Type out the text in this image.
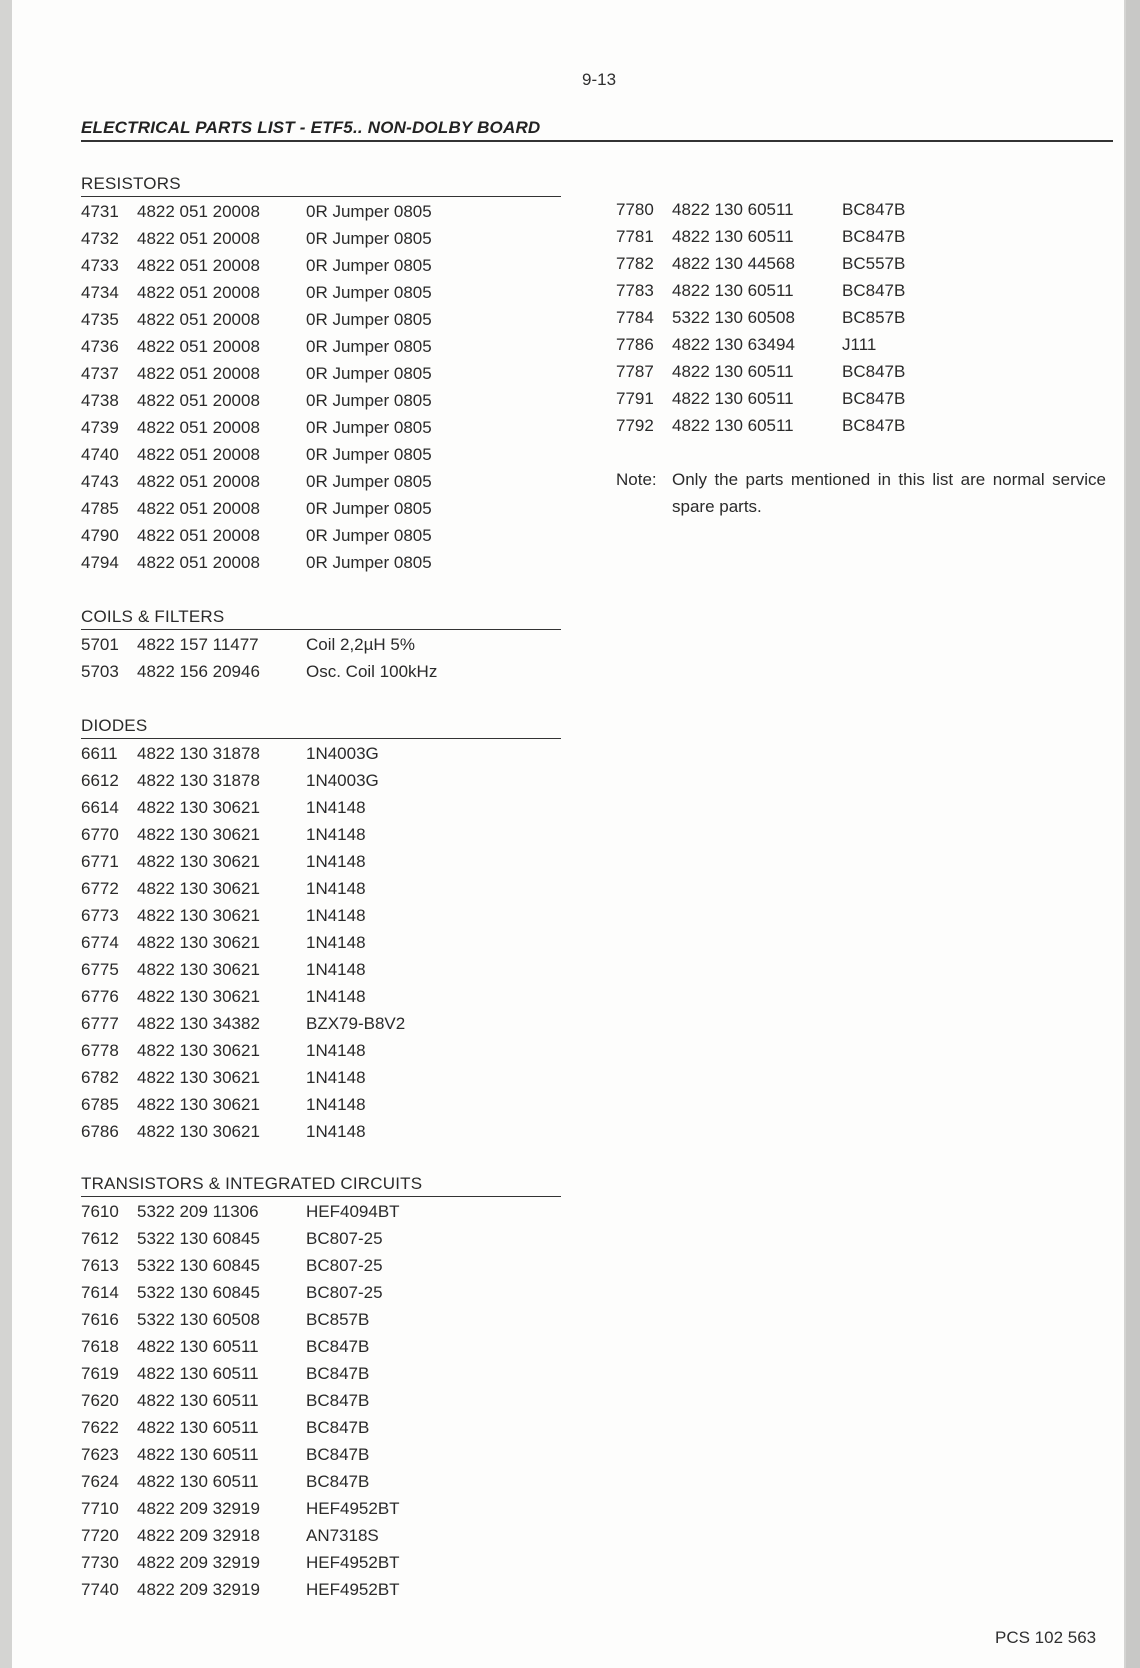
9-13
ELECTRICAL PARTS LIST - ETF5.. NON-DOLBY BOARD
RESISTORS
4731	4822 051 20008	0R Jumper 0805
4732	4822 051 20008	0R Jumper 0805
4733	4822 051 20008	0R Jumper 0805
4734	4822 051 20008	0R Jumper 0805
4735	4822 051 20008	0R Jumper 0805
4736	4822 051 20008	0R Jumper 0805
4737	4822 051 20008	0R Jumper 0805
4738	4822 051 20008	0R Jumper 0805
4739	4822 051 20008	0R Jumper 0805
4740	4822 051 20008	0R Jumper 0805
4743	4822 051 20008	0R Jumper 0805
4785	4822 051 20008	0R Jumper 0805
4790	4822 051 20008	0R Jumper 0805
4794	4822 051 20008	0R Jumper 0805
COILS & FILTERS
5701	4822 157 11477	Coil 2,2µH 5%
5703	4822 156 20946	Osc. Coil 100kHz
DIODES
6611	4822 130 31878	1N4003G
6612	4822 130 31878	1N4003G
6614	4822 130 30621	1N4148
6770	4822 130 30621	1N4148
6771	4822 130 30621	1N4148
6772	4822 130 30621	1N4148
6773	4822 130 30621	1N4148
6774	4822 130 30621	1N4148
6775	4822 130 30621	1N4148
6776	4822 130 30621	1N4148
6777	4822 130 34382	BZX79-B8V2
6778	4822 130 30621	1N4148
6782	4822 130 30621	1N4148
6785	4822 130 30621	1N4148
6786	4822 130 30621	1N4148
TRANSISTORS & INTEGRATED CIRCUITS
7610	5322 209 11306	HEF4094BT
7612	5322 130 60845	BC807-25
7613	5322 130 60845	BC807-25
7614	5322 130 60845	BC807-25
7616	5322 130 60508	BC857B
7618	4822 130 60511	BC847B
7619	4822 130 60511	BC847B
7620	4822 130 60511	BC847B
7622	4822 130 60511	BC847B
7623	4822 130 60511	BC847B
7624	4822 130 60511	BC847B
7710	4822 209 32919	HEF4952BT
7720	4822 209 32918	AN7318S
7730	4822 209 32919	HEF4952BT
7740	4822 209 32919	HEF4952BT
7780	4822 130 60511	BC847B
7781	4822 130 60511	BC847B
7782	4822 130 44568	BC557B
7783	4822 130 60511	BC847B
7784	5322 130 60508	BC857B
7786	4822 130 63494	J111
7787	4822 130 60511	BC847B
7791	4822 130 60511	BC847B
7792	4822 130 60511	BC847B
Note: Only the parts mentioned in this list are normal service spare parts.
PCS 102 563
